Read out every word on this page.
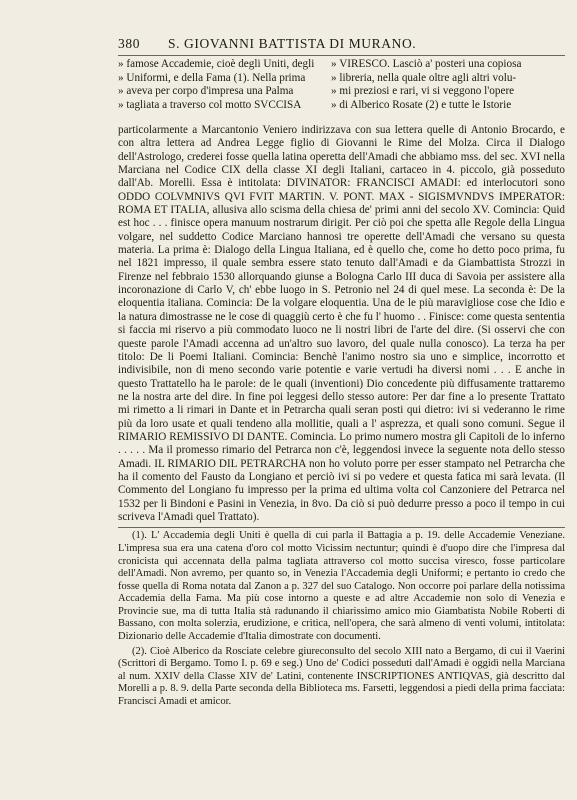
380 S. GIOVANNI BATTISTA DI MURANO.
» famose Accademie, cioè degli Uniti, degli
» Uniformi, e della Fama (1). Nella prima
» aveva per corpo d'impresa una Palma
» tagliata a traverso col motto SVCCISA
» VIRESCO. Lasciò a' posteri una copiosa
» libreria, nella quale oltre agli altri volu-
» mi preziosi e rari, vi si veggono l'opere
» di Alberico Rosate (2) e tutte le Istorie

particolarmente a Marcantonio Veniero indirizzava con sua lettera quelle di Antonio Brocardo, e con altra lettera ad Andrea Legge figlio di Giovanni le Rime del Molza. Circa il Dialogo dell'Astrologo, crederei fosse quella latina operetta dell'Amadi che abbiamo mss. del sec. XVI nella Marciana nel Codice CIX della classe XI degli Italiani, cartaceo in 4. piccolo, già posseduto dall'Ab. Morelli. Essa è intitolata: DIVINATOR: FRANCISCI AMADI: ed interlocutori sono ODDO COLVMNIVS QVI FVIT MARTIN. V. PONT. MAX - SIGISMVNDVS IMPERATOR: ROMA ET ITALIA, allusiva allo scisma della chiesa de' primi anni del secolo XV. Comincia: Quid est hoc . . . finisce opera manuum nostrarum dirigit. Per ciò poi che spetta alle Regole della Lingua volgare, nel suddetto Codice Marciano hannosi tre operette dell'Amadi che versano su questa materia. La prima è: Dialogo della Lingua Italiana, ed è quello che, come ho detto poco prima, fu nel 1821 impresso, il quale sembra essere stato tenuto dall'Amadi e da Giambattista Strozzi in Firenze nel febbraio 1530 allorquando giunse a Bologna Carlo III duca di Savoia per assistere alla incoronazione di Carlo V, ch' ebbe luogo in S. Petronio nel 24 di quel mese. La seconda è: De la eloquentia italiana. Comincia: De la volgare eloquentia. Una de le più maravigliose cose che Idio e la natura dimostrasse ne le cose di quaggiù certo è che fu l' huomo . . Finisce: come questa sententia si faccia mi riservo a più commodato luoco ne li nostri libri de l'arte del dire. (Si osservi che con queste parole l'Amadi accenna ad un'altro suo lavoro, del quale nulla conosco). La terza ha per titolo: De li Poemi Italiani. Comincia: Benchè l'animo nostro sia uno e simplice, incorrotto et indivisibile, non di meno secondo varie potentie e varie vertudi ha diversi nomi . . . E anche in questo Trattatello ha le parole: de le quali (inventioni) Dio concedente più diffusamente trattaremo ne la nostra arte del dire. In fine poi leggesi dello stesso autore: Per dar fine a lo presente Trattato mi rimetto a li rimari in Dante et in Petrarcha quali seran posti qui dietro: ivi si vederanno le rime più da loro usate et quali tendeno alla mollitie, quali a l' asprezza, et quali sono comuni. Segue il RIMARIO REMISSIVO DI DANTE. Comincia. Lo primo numero mostra gli Capitoli de lo inferno . . . . . Ma il promesso rimario del Petrarca non c'è, leggendosi invece la seguente nota dello stesso Amadi. IL RIMARIO DIL PETRARCHA non ho voluto porre per esser stampato nel Petrarcha che ha il comento del Fausto da Longiano et perciò ivi si po vedere et questa fatica mi sarà levata. (Il Commento del Longiano fu impresso per la prima ed ultima volta col Canzoniere del Petrarca nel 1532 per li Bindoni e Pasini in Venezia, in 8vo. Da ciò si può dedurre presso a poco il tempo in cui scriveva l'Amadi quel Trattato).

(1). L' Accademia degli Uniti è quella di cui parla il Battagia a p. 19. delle Accademie Veneziane. L'impresa sua era una catena d'oro col motto Vicissim nectuntur; quindi è d'uopo dire che l'impresa dal cronicista qui accennata della palma tagliata attraverso col motto succisa viresco, fosse particolare dell'Amadi. Non avremo, per quanto so, in Venezia l'Accademia degli Uniformi; e pertanto io credo che fosse quella di Roma notata dal Zanon a p. 327 del suo Catalogo. Non occorre poi parlare della notissima Accademia della Fama. Ma più cose intorno a queste e ad altre Accademie non solo di Venezia e Provincie sue, ma di tutta Italia stà radunando il chiarissimo amico mio Giambatista Nobile Roberti di Bassano, con molta solerzia, erudizione, e critica, nell'opera, che sarà almeno di venti volumi, intitolata: Dizionario delle Accademie d'Italia dimostrate con documenti.

(2). Cioè Alberico da Rosciate celebre giureconsulto del secolo XIII nato a Bergamo, di cui il Vaerini (Scrittori di Bergamo. Tomo I. p. 69 e seg.) Uno de' Codici posseduti dall'Amadi è oggidì nella Marciana al num. XXIV della Classe XIV de' Latini, contenente INSCRIPTIONES ANTIQVAS, già descritto dal Morelli a p. 8. 9. della Parte seconda della Biblioteca ms. Farsetti, leggendosi a piedi della prima facciata: Francisci Amadi et amicor.
